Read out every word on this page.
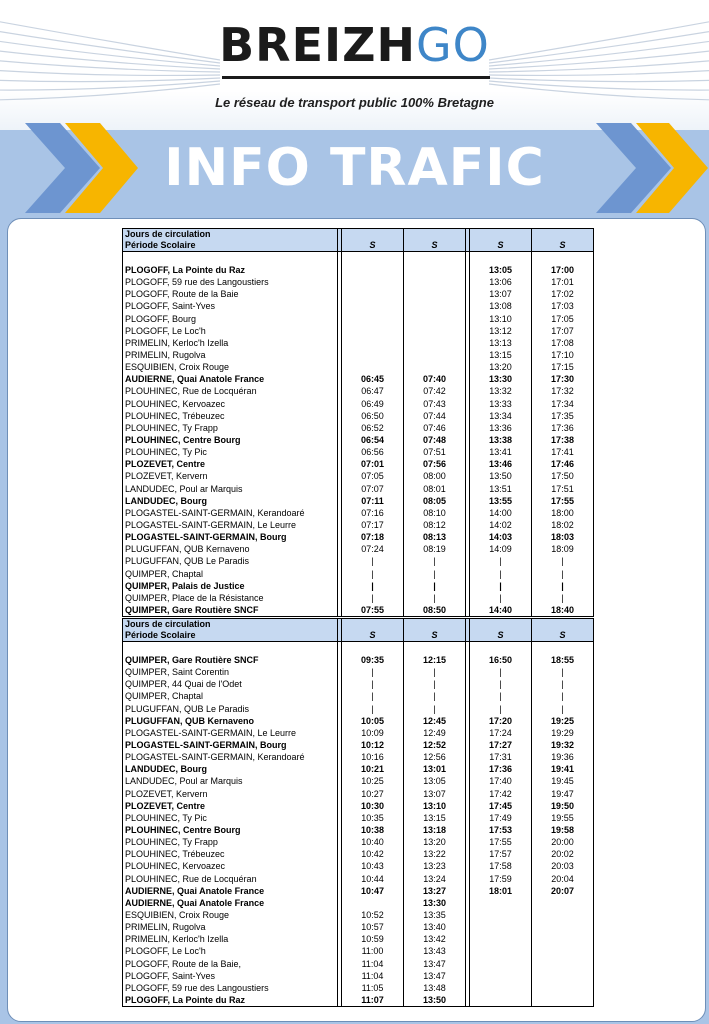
BREIZHGO
Le réseau de transport public 100% Bretagne
INFO TRAFIC
Jours de circulation
Période Scolaire		S	S		S	S

PLOGOFF, La Pointe du Raz					13:05	17:00
PLOGOFF, 59 rue des Langoustiers					13:06	17:01
PLOGOFF, Route de la Baie					13:07	17:02
PLOGOFF, Saint-Yves					13:08	17:03
PLOGOFF, Bourg					13:10	17:05
PLOGOFF, Le Loc'h					13:12	17:07
PRIMELIN, Kerloc'h Izella					13:13	17:08
PRIMELIN, Rugolva					13:15	17:10
ESQUIBIEN, Croix Rouge					13:20	17:15
AUDIERNE, Quai Anatole France		06:45	07:40		13:30	17:30
PLOUHINEC, Rue de Locquéran		06:47	07:42		13:32	17:32
PLOUHINEC, Kervoazec		06:49	07:43		13:33	17:34
PLOUHINEC, Trébeuzec		06:50	07:44		13:34	17:35
PLOUHINEC, Ty Frapp		06:52	07:46		13:36	17:36
PLOUHINEC, Centre Bourg		06:54	07:48		13:38	17:38
PLOUHINEC, Ty Pic		06:56	07:51		13:41	17:41
PLOZEVET, Centre		07:01	07:56		13:46	17:46
PLOZEVET, Kervern		07:05	08:00		13:50	17:50
LANDUDEC, Poul ar Marquis		07:07	08:01		13:51	17:51
LANDUDEC, Bourg		07:11	08:05		13:55	17:55
PLOGASTEL-SAINT-GERMAIN, Kerandoaré		07:16	08:10		14:00	18:00
PLOGASTEL-SAINT-GERMAIN, Le Leurre		07:17	08:12		14:02	18:02
PLOGASTEL-SAINT-GERMAIN, Bourg		07:18	08:13		14:03	18:03
PLUGUFFAN, QUB Kernaveno		07:24	08:19		14:09	18:09
PLUGUFFAN, QUB Le Paradis		|	|		|	|
QUIMPER, Chaptal		|	|		|	|
QUIMPER, Palais de Justice		|	|		|	|
QUIMPER, Place de la Résistance		|	|		|	|
QUIMPER, Gare Routière SNCF		07:55	08:50		14:40	18:40
Jours de circulation
Période Scolaire		S	S		S	S

QUIMPER, Gare Routière SNCF		09:35	12:15		16:50	18:55
QUIMPER, Saint Corentin		|	|		|	|
QUIMPER, 44 Quai de l'Odet		|	|		|	|
QUIMPER, Chaptal		|	|		|	|
PLUGUFFAN, QUB Le Paradis		|	|		|	|
PLUGUFFAN, QUB Kernaveno		10:05	12:45		17:20	19:25
PLOGASTEL-SAINT-GERMAIN, Le Leurre		10:09	12:49		17:24	19:29
PLOGASTEL-SAINT-GERMAIN, Bourg		10:12	12:52		17:27	19:32
PLOGASTEL-SAINT-GERMAIN, Kerandoaré		10:16	12:56		17:31	19:36
LANDUDEC, Bourg		10:21	13:01		17:36	19:41
LANDUDEC, Poul ar Marquis		10:25	13:05		17:40	19:45
PLOZEVET, Kervern		10:27	13:07		17:42	19:47
PLOZEVET, Centre		10:30	13:10		17:45	19:50
PLOUHINEC, Ty Pic		10:35	13:15		17:49	19:55
PLOUHINEC, Centre Bourg		10:38	13:18		17:53	19:58
PLOUHINEC, Ty Frapp		10:40	13:20		17:55	20:00
PLOUHINEC, Trébeuzec		10:42	13:22		17:57	20:02
PLOUHINEC, Kervoazec		10:43	13:23		17:58	20:03
PLOUHINEC, Rue de Locquéran		10:44	13:24		17:59	20:04
AUDIERNE, Quai Anatole France		10:47	13:27		18:01	20:07
AUDIERNE, Quai Anatole France			13:30			
ESQUIBIEN, Croix Rouge		10:52	13:35			
PRIMELIN, Rugolva		10:57	13:40			
PRIMELIN, Kerloc'h Izella		10:59	13:42			
PLOGOFF, Le Loc'h		11:00	13:43			
PLOGOFF, Route de la Baie,		11:04	13:47			
PLOGOFF, Saint-Yves		11:04	13:47			
PLOGOFF, 59 rue des Langoustiers		11:05	13:48			
PLOGOFF, La Pointe du Raz		11:07	13:50			
